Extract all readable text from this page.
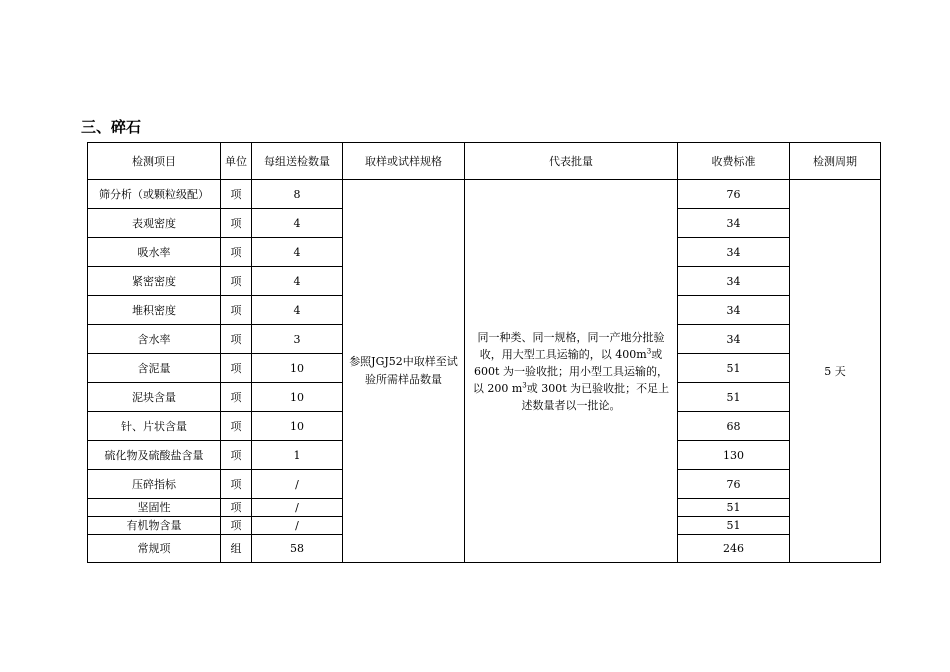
三、碎石
检测项目	单位	每组送检数量	取样或试样规格	代表批量	收费标准	检测周期
筛分析（或颗粒级配）	项	8	参照JGJ52中取样至试验所需样品数量	同一种类、同一规格，同一产地分批验收，用大型工具运输的，以 $400m^3$或600t 为一验收批；用小型工具运输的，以 200 $m^3$或 300t 为已验收批；不足上述数量者以一批论。	76	5 天
表观密度	项	4			34	
吸水率	项	4			34	
紧密密度	项	4			34	
堆积密度	项	4			34	
含水率	项	3			34	
含泥量	项	10			51	
泥块含量	项	10			51	
针、片状含量	项	10			68	
硫化物及硫酸盐含量	项	1			130	
压碎指标	项	/			76	
坚固性	项	/			51	
有机物含量	项	/			51	
常规项	组	58			246	
